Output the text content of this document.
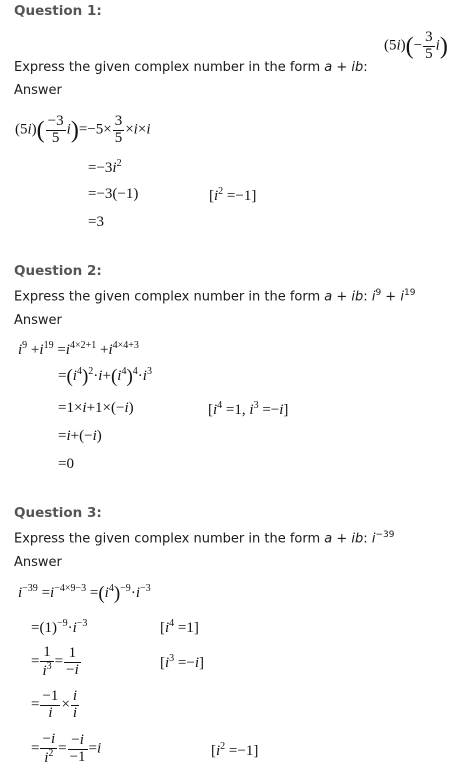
Question 1:
$(5i)(- \frac{3}{5} i)$
Express the given complex number in the form a + ib:
Answer
$(5i)( \frac{-3}{5} i)=-5\times \frac{3}{5} \times i\times i$
$=-3i^2$
=−3(−1)	$[i^2 =-1]$
=3
Question 2:
Express the given complex number in the form a + ib: $i^9 + i^{19}$
Answer
$i^9 +i^{19} =i^{4\times 2+1} +i^{4\times 4+3}$
$=(i^4)^2\cdot i+(i^4)^4\cdot i^3$
=1×i+1×(−i)	[$i^4 =1$, $i^3 =-i$]
=i+(−i)
=0
Question 3:
Express the given complex number in the form a + ib: $i^{-39}$
Answer
$i^{-39} =i^{-4\times 9-3} =(i^4)^{-9}\cdot i^{-3}$
$=(1)^{-9}\cdot i^{-3}$	$[i^4 =1]$
= $\frac{1}{i^3} = \frac{1}{-i}$	$[i^3 =-i]$
= $\frac{-1}{i} \times \frac{i}{i}$
= $\frac{-i}{i^2} = \frac{-i}{-1} =i$	$[i^2 =-1]$
